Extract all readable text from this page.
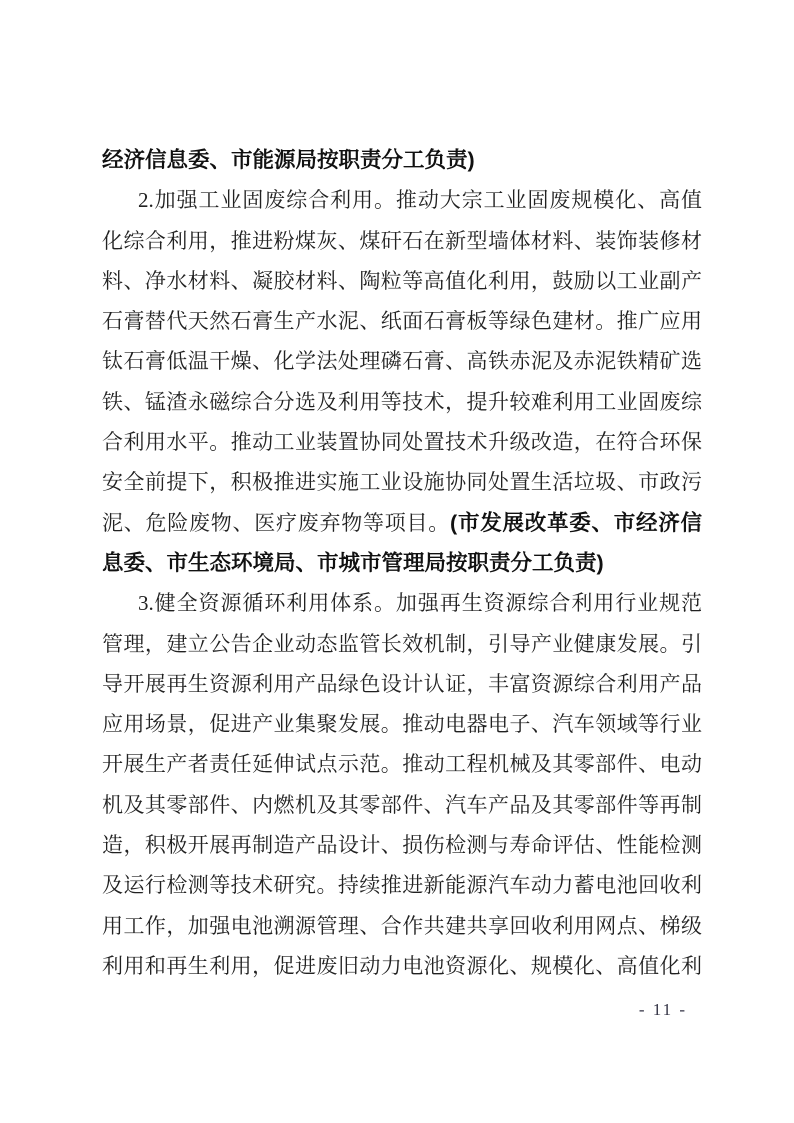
经济信息委、市能源局按职责分工负责)
2.加强工业固废综合利用。推动大宗工业固废规模化、高值
化综合利用，推进粉煤灰、煤矸石在新型墙体材料、装饰装修材
料、净水材料、凝胶材料、陶粒等高值化利用，鼓励以工业副产
石膏替代天然石膏生产水泥、纸面石膏板等绿色建材。推广应用
钛石膏低温干燥、化学法处理磷石膏、高铁赤泥及赤泥铁精矿选
铁、锰渣永磁综合分选及利用等技术，提升较难利用工业固废综
合利用水平。推动工业装置协同处置技术升级改造，在符合环保
安全前提下，积极推进实施工业设施协同处置生活垃圾、市政污
泥、危险废物、医疗废弃物等项目。(市发展改革委、市经济信
息委、市生态环境局、市城市管理局按职责分工负责)
3.健全资源循环利用体系。加强再生资源综合利用行业规范
管理，建立公告企业动态监管长效机制，引导产业健康发展。引
导开展再生资源利用产品绿色设计认证，丰富资源综合利用产品
应用场景，促进产业集聚发展。推动电器电子、汽车领域等行业
开展生产者责任延伸试点示范。推动工程机械及其零部件、电动
机及其零部件、内燃机及其零部件、汽车产品及其零部件等再制
造，积极开展再制造产品设计、损伤检测与寿命评估、性能检测
及运行检测等技术研究。持续推进新能源汽车动力蓄电池回收利
用工作，加强电池溯源管理、合作共建共享回收利用网点、梯级
利用和再生利用，促进废旧动力电池资源化、规模化、高值化利
- 11 -
